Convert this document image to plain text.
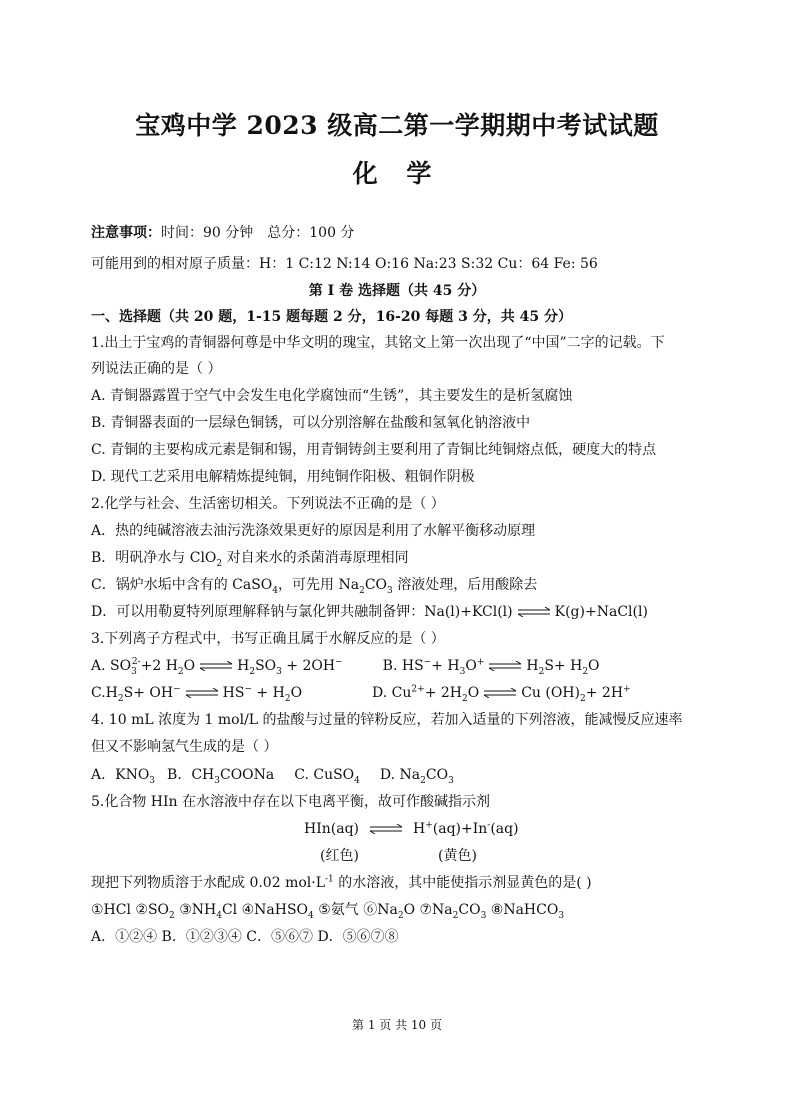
宝鸡中学 2023 级高二第一学期期中考试试题
化 学
注意事项：时间：90 分钟 总分：100 分
可能用到的相对原子质量：H：1 C:12 N:14 O:16 Na:23 S:32 Cu：64 Fe: 56
第 I 卷 选择题（共 45 分）
一、选择题（共 20 题，1-15 题每题 2 分，16-20 每题 3 分，共 45 分）
1.出土于宝鸡的青铜器何尊是中华文明的瑰宝，其铭文上第一次出现了“中国”二字的记载。下
列说法正确的是（ ）
A. 青铜器露置于空气中会发生电化学腐蚀而“生锈”，其主要发生的是析氢腐蚀
B. 青铜器表面的一层绿色铜锈，可以分别溶解在盐酸和氢氧化钠溶液中
C. 青铜的主要构成元素是铜和锡，用青铜铸剑主要利用了青铜比纯铜熔点低，硬度大的特点
D. 现代工艺采用电解精炼提纯铜，用纯铜作阳极、粗铜作阴极
2.化学与社会、生活密切相关。下列说法不正确的是（ ）
A．热的纯碱溶液去油污洗涤效果更好的原因是利用了水解平衡移动原理
B．明矾净水与 ClO$_2$ 对自来水的杀菌消毒原理相同
C．锅炉水垢中含有的 CaSO$_4$，可先用 $Na_2CO_3$ 溶液处理，后用酸除去
D．可以用勒夏特列原理解释钠与氯化钾共融制备钾：Na(l)+KCl(l) ⇌ K(g)+NaCl(l)
3.下列离子方程式中，书写正确且属于水解反应的是（ ）
A. $SO_3^{2-}+2$ $H_2O$ ⇌ $H_2SO_3 + 2OH^-$	B. $HS^-+ H_3O^+$ ⇌ $H_2S+ H_2O$
$C.H_2S+ OH^-$ ⇌ $HS^- + H_2O$	D. $Cu^{2+}+ 2H_2O$ ⇌ Cu $(OH)_2+ 2H^+$
4. 10 mL 浓度为 1 mol/L 的盐酸与过量的锌粉反应，若加入适量的下列溶液，能减慢反应速率
但又不影响氢气生成的是（ ）
A．$KNO_3$ B．$CH_3COONa$ C. CuSO$_4$ D. $Na_2CO_3$
5.化合物 HIn 在水溶液中存在以下电离平衡，故可作酸碱指示剂
HIn(aq) ⇌ H+(aq)+In-(aq)
(红色)	(黄色)
现把下列物质溶于水配成 0.02 $mol\cdot L^{-1}$ 的水溶液，其中能使指示剂显黄色的是( )
①HCl $②SO_2$ $③NH_4Cl$ ④NaHSO$_4$ ⑤氨气 $⑥Na_2O$ $⑦Na_2CO_3$ ⑧NaHCO$_3$
A．①②④ B．①②③④ C．⑤⑥⑦ D．⑤⑥⑦⑧
第 1 页 共 10 页
